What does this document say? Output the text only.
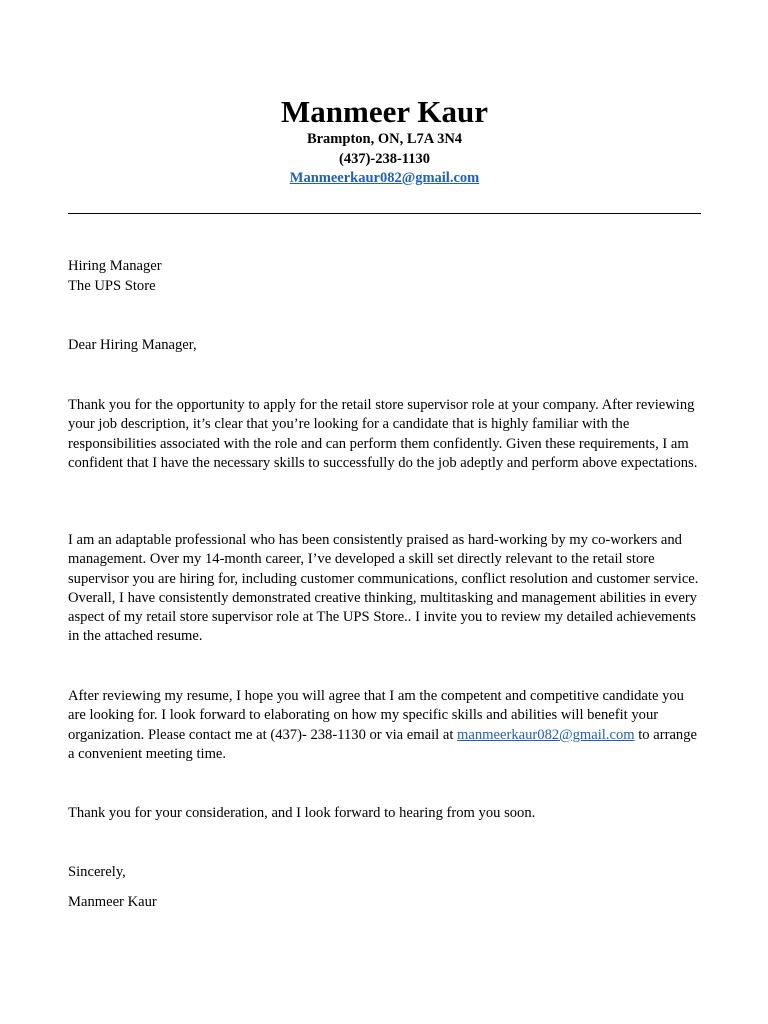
Manmeer Kaur

Brampton, ON, L7A 3N4

(437)-238-1130

Manmeerkaur082@gmail.com

Hiring Manager

The UPS Store

Dear Hiring Manager,

Thank you for the opportunity to apply for the retail store supervisor role at your company. After reviewing your job description, it’s clear that you’re looking for a candidate that is highly familiar with the responsibilities associated with the role and can perform them confidently. Given these requirements, I am confident that I have the necessary skills to successfully do the job adeptly and perform above expectations.

I am an adaptable professional who has been consistently praised as hard-working by my co-workers and management. Over my 14-month career, I’ve developed a skill set directly relevant to the retail store supervisor you are hiring for, including customer communications, conflict resolution and customer service. Overall, I have consistently demonstrated creative thinking, multitasking and management abilities in every aspect of my retail store supervisor role at The UPS Store.. I invite you to review my detailed achievements in the attached resume.

After reviewing my resume, I hope you will agree that I am the competent and competitive candidate you are looking for. I look forward to elaborating on how my specific skills and abilities will benefit your organization. Please contact me at (437)- 238-1130 or via email at manmeerkaur082@gmail.com to arrange a convenient meeting time.

Thank you for your consideration, and I look forward to hearing from you soon.

Sincerely,

Manmeer Kaur
